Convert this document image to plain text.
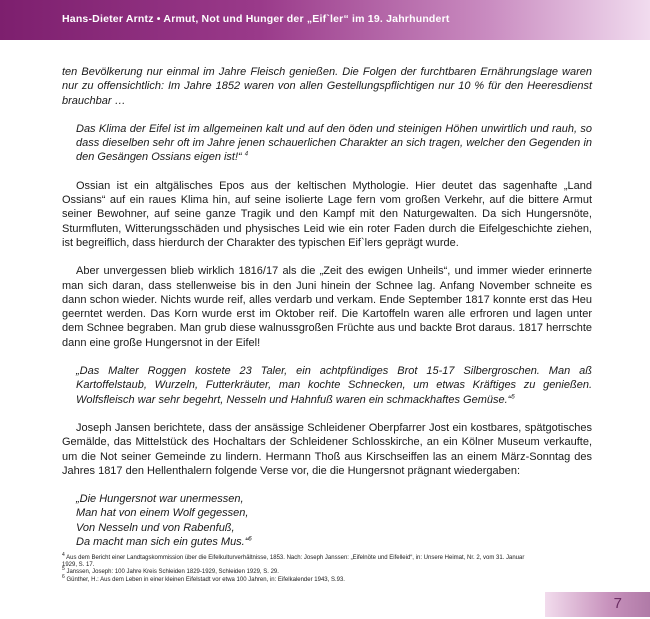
Hans-Dieter Arntz • Armut, Not und Hunger der „Eif`ler“ im 19. Jahrhundert

ten Bevölkerung nur einmal im Jahre Fleisch genießen. Die Folgen der furchtbaren Ernährungslage waren nur zu offensichtlich: Im Jahre 1852 waren von allen Gestellungspflichtigen nur 10 % für den Heeresdienst brauchbar …

Das Klima der Eifel ist im allgemeinen kalt und auf den öden und steinigen Höhen unwirtlich und rauh, so dass dieselben sehr oft im Jahre jenen schauerlichen Charakter an sich tragen, welcher den Gegenden in den Gesängen Ossians eigen ist!“ $^4$

Ossian ist ein altgälisches Epos aus der keltischen Mythologie. Hier deutet das sagenhafte „Land Ossians“ auf ein raues Klima hin, auf seine isolierte Lage fern vom großen Verkehr, auf die bittere Armut seiner Bewohner, auf seine ganze Tragik und den Kampf mit den Naturgewalten. Da sich Hungersnöte, Sturmfluten, Witterungsschäden und physisches Leid wie ein roter Faden durch die Eifelgeschichte ziehen, ist begreiflich, dass hierdurch der Charakter des typischen Eif`lers geprägt wurde.

Aber unvergessen blieb wirklich 1816/17 als die „Zeit des ewigen Unheils“, und immer wieder erinnerte man sich daran, dass stellenweise bis in den Juni hinein der Schnee lag. Anfang November schneite es dann schon wieder. Nichts wurde reif, alles verdarb und verkam. Ende September 1817 konnte erst das Heu geerntet werden. Das Korn wurde erst im Oktober reif. Die Kartoffeln waren alle erfroren und lagen unter dem Schnee begraben. Man grub diese walnussgroßen Früchte aus und backte Brot daraus. 1817 herrschte dann eine große Hungersnot in der Eifel!

„Das Malter Roggen kostete 23 Taler, ein achtpfündiges Brot 15-17 Silbergroschen. Man aß Kartoffelstaub, Wurzeln, Futterkräuter, man kochte Schnecken, um etwas Kräftiges zu genießen. Wolfsfleisch war sehr begehrt, Nesseln und Hahnfuß waren ein schmackhaftes Gemüse.“$^5$

Joseph Jansen berichtete, dass der ansässige Schleidener Oberpfarrer Jost ein kostbares, spätgotisches Gemälde, das Mittelstück des Hochaltars der Schleidener Schlosskirche, an ein Kölner Museum verkaufte, um die Not seiner Gemeinde zu lindern. Hermann Thoß aus Kirschseiffen las an einem März-Sonntag des Jahres 1817 den Hellenthalern folgende Verse vor, die die Hungersnot prägnant wiedergaben:

„Die Hungersnot war unermessen,
Man hat von einem Wolf gegessen,
Von Nesseln und von Rabenfuß,
Da macht man sich ein gutes Mus.“$^6$
$^4$ Aus dem Bericht einer Landtagskommission über die Eifelkulturverhältnisse, 1853. Nach: Joseph Janssen: „Eifelnöte und Eifelleid“, in: Unsere Heimat, Nr. 2, vom 31. Januar 1929, S. 17.
$^5$ Janssen, Joseph: 100 Jahre Kreis Schleiden 1829-1929, Schleiden 1929, S. 29.
$^6$ Günther, H.: Aus dem Leben in einer kleinen Eifelstadt vor etwa 100 Jahren, in: Eifelkalender 1943, S.93.
7
